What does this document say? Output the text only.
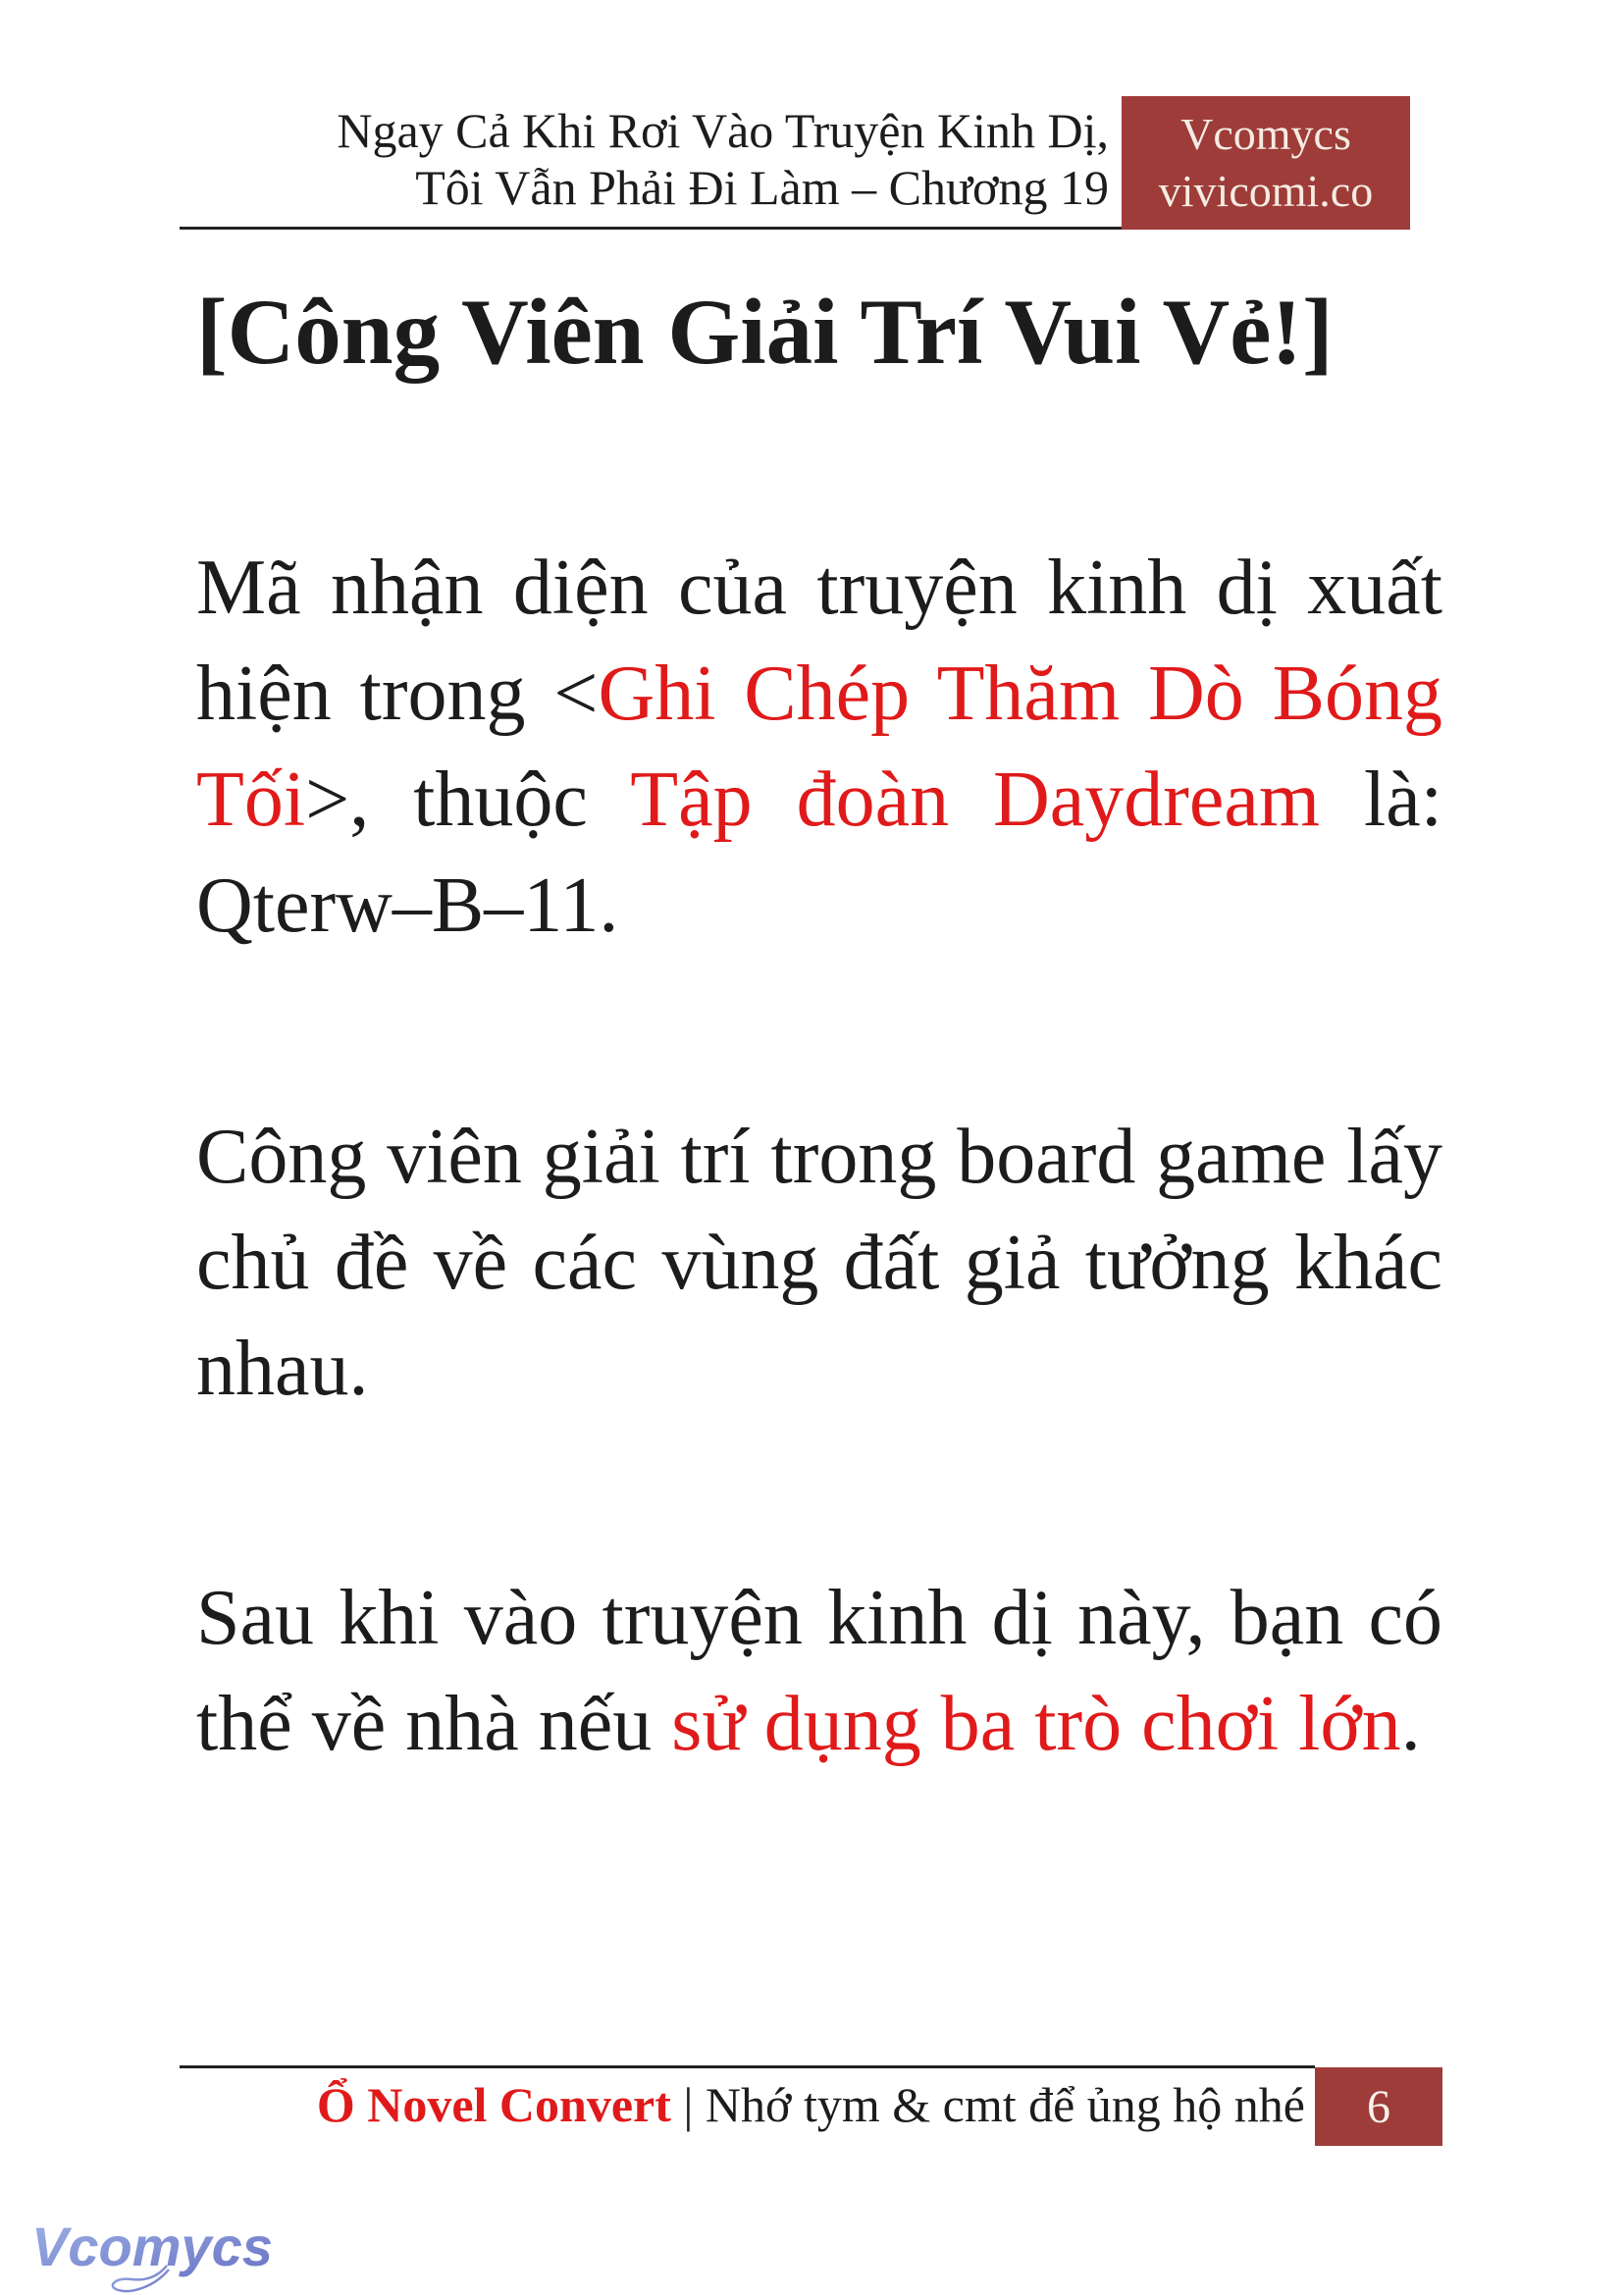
Ngay Cả Khi Rơi Vào Truyện Kinh Dị,
Tôi Vẫn Phải Đi Làm – Chương 19
Vcomycs
vivicomi.co
[Công Viên Giải Trí Vui Vẻ!]

Mã nhận diện của truyện kinh dị xuất hiện trong <Ghi Chép Thăm Dò Bóng Tối>, thuộc Tập đoàn Daydream là: Qterw–B–11.

Công viên giải trí trong board game lấy chủ đề về các vùng đất giả tưởng khác nhau.

Sau khi vào truyện kinh dị này, bạn có thể về nhà nếu sử dụng ba trò chơi lớn.

Ổ Novel Convert | Nhớ tym & cmt để ủng hộ nhé 6
Vcomycs
